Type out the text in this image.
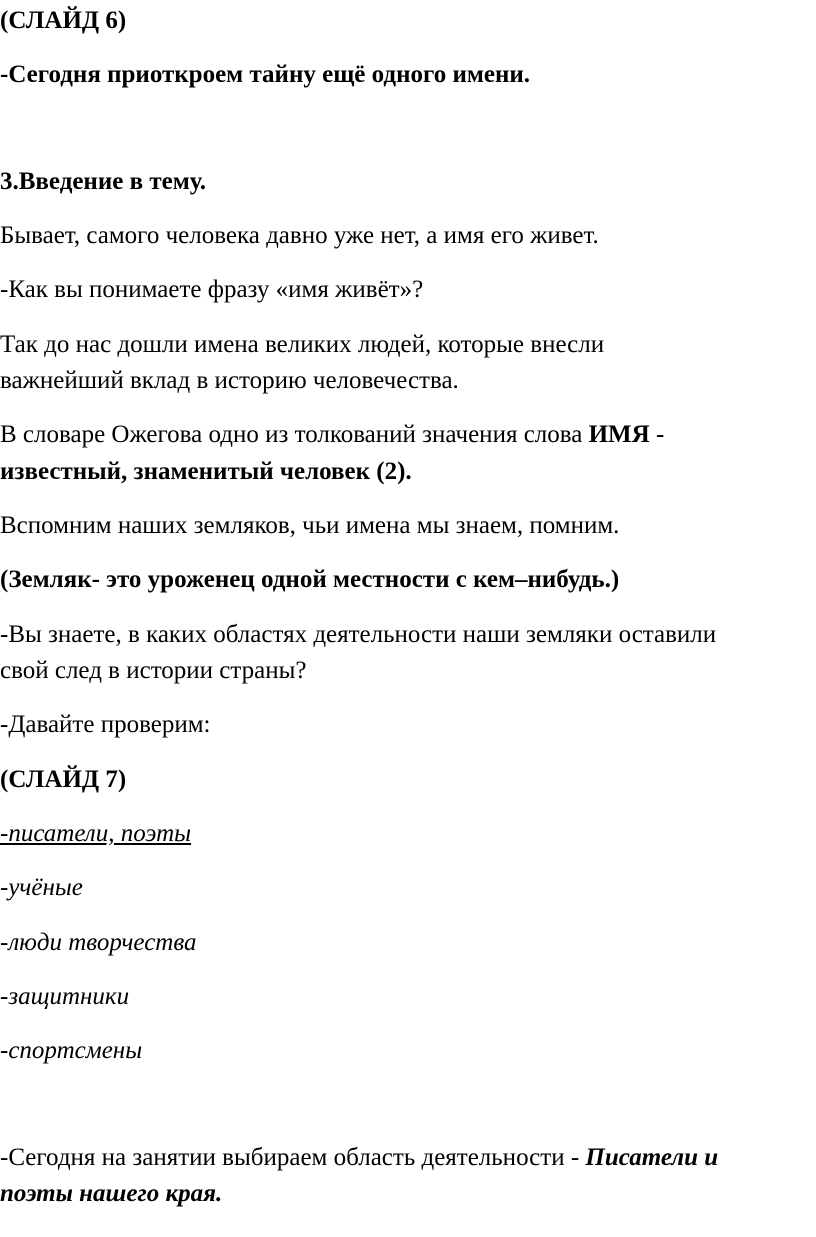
(СЛАЙД 6)

-Сегодня приоткроем тайну ещё одного имени.

3.Введение в тему.

Бывает, самого человека давно уже нет, а имя его живет.

-Как вы понимаете фразу «имя живёт»?

Так до нас дошли имена великих людей, которые внесли

важнейший вклад в историю человечества.

В словаре Ожегова одно из толкований значения слова ИМЯ -

известный, знаменитый человек (2).

Вспомним наших земляков, чьи имена мы знаем, помним.

(Земляк- это уроженец одной местности с кем–нибудь.)

-Вы знаете, в каких областях деятельности наши земляки оставили

свой след в истории страны?

-Давайте проверим:

(СЛАЙД 7)

-писатели, поэты

-учёные

-люди творчества

-защитники

-спортсмены

-Сегодня на занятии выбираем область деятельности - Писатели и

поэты нашего края.
